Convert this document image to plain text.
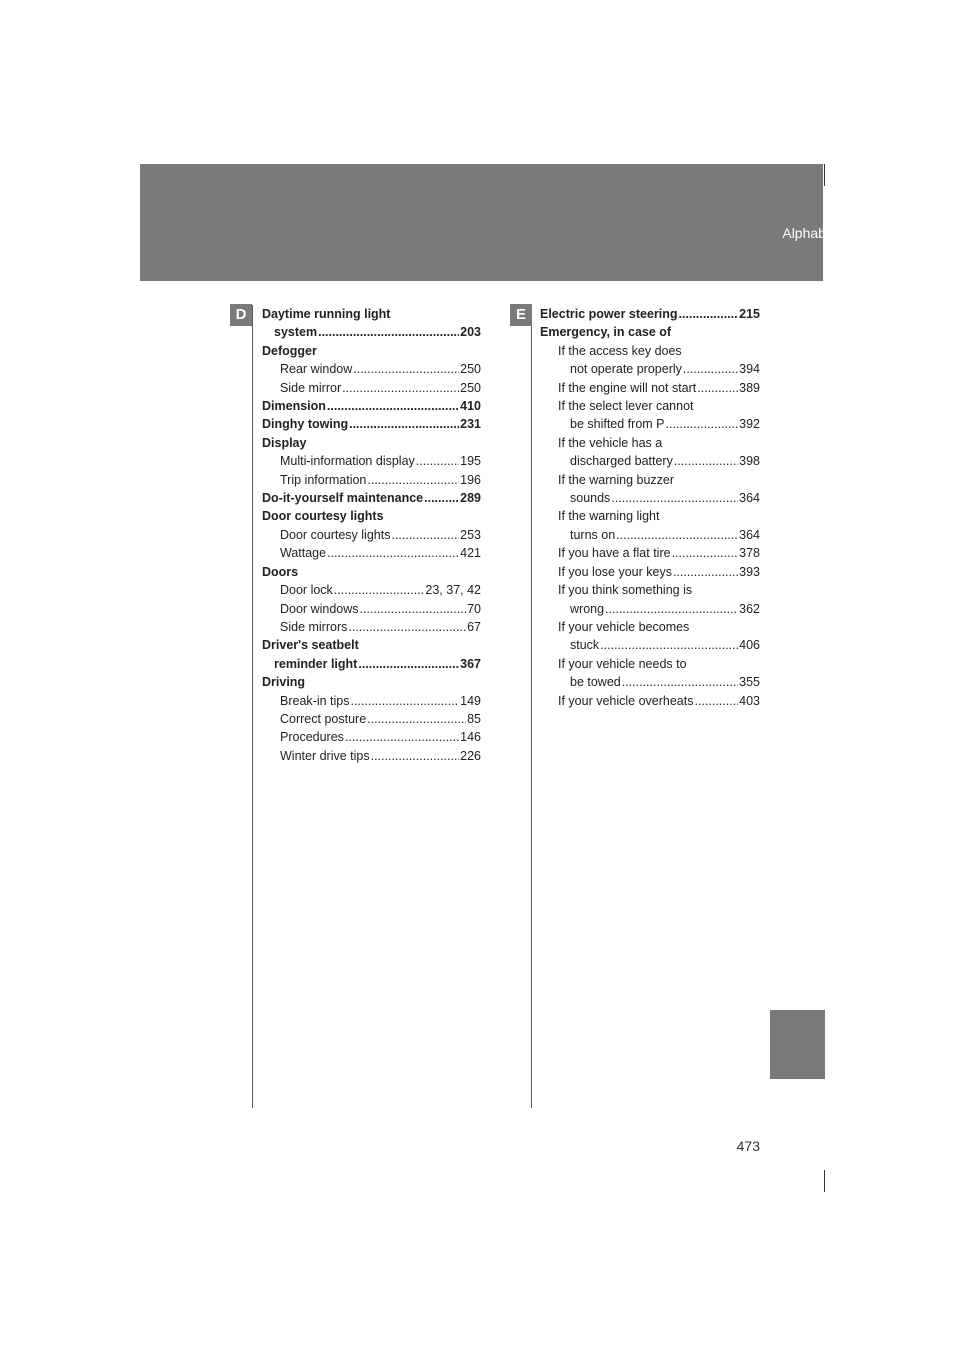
Alphabetical index
D	E
Daytime running light
system .....	203
Defogger
Rear window .....	250
Side mirror .....	250
Dimension .....	410
Dinghy towing .....	231
Display
Multi-information display .....	195
Trip information .....	196
Do-it-yourself maintenance .....	289
Door courtesy lights
Door courtesy lights .....	253
Wattage .....	421
Doors
Door lock .....	23, 37, 42
Door windows .....	70
Side mirrors .....	67
Driver's seatbelt
reminder light .....	367
Driving
Break-in tips .....	149
Correct posture .....	85
Procedures .....	146
Winter drive tips .....	226
Electric power steering .....	215
Emergency, in case of
If the access key does
not operate properly .....	394
If the engine will not start .....	389
If the select lever cannot
be shifted from P .....	392
If the vehicle has a
discharged battery .....	398
If the warning buzzer
sounds .....	364
If the warning light
turns on .....	364
If you have a flat tire .....	378
If you lose your keys .....	393
If you think something is
wrong .....	362
If your vehicle becomes
stuck .....	406
If your vehicle needs to
be towed .....	355
If your vehicle overheats .....	403
473
